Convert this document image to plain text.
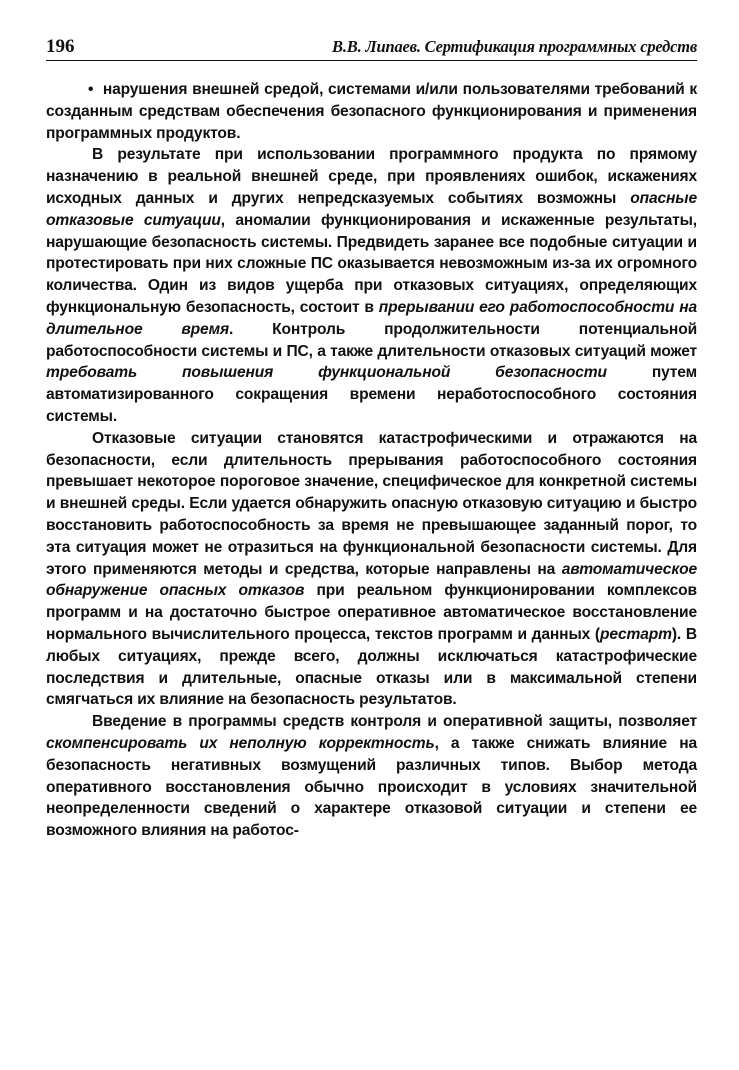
196	В.В. Липаев. Сертификация программных средств

• нарушения внешней средой, системами и/или пользователями требований к созданным средствам обеспечения безопасного функционирования и применения программных продуктов.

В результате при использовании программного продукта по прямому назначению в реальной внешней среде, при проявлениях ошибок, искажениях исходных данных и других непредсказуемых событиях возможны опасные отказовые ситуации, аномалии функционирования и искаженные результаты, нарушающие безопасность системы. Предвидеть заранее все подобные ситуации и протестировать при них сложные ПС оказывается невозможным из-за их огромного количества. Один из видов ущерба при отказовых ситуациях, определяющих функциональную безопасность, состоит в прерывании его работоспособности на длительное время. Контроль продолжительности потенциальной работоспособности системы и ПС, а также длительности отказовых ситуаций может требовать повышения функциональной безопасности путем автоматизированного сокращения времени неработоспособного состояния системы.

Отказовые ситуации становятся катастрофическими и отражаются на безопасности, если длительность прерывания работоспособного состояния превышает некоторое пороговое значение, специфическое для конкретной системы и внешней среды. Если удается обнаружить опасную отказовую ситуацию и быстро восстановить работоспособность за время не превышающее заданный порог, то эта ситуация может не отразиться на функциональной безопасности системы. Для этого применяются методы и средства, которые направлены на автоматическое обнаружение опасных отказов при реальном функционировании комплексов программ и на достаточно быстрое оперативное автоматическое восстановление нормального вычислительного процесса, текстов программ и данных (рестарт). В любых ситуациях, прежде всего, должны исключаться катастрофические последствия и длительные, опасные отказы или в максимальной степени смягчаться их влияние на безопасность результатов.

Введение в программы средств контроля и оперативной защиты, позволяет скомпенсировать их неполную корректность, а также снижать влияние на безопасность негативных возмущений различных типов. Выбор метода оперативного восстановления обычно происходит в условиях значительной неопределенности сведений о характере отказовой ситуации и степени ее возможного влияния на работос-
